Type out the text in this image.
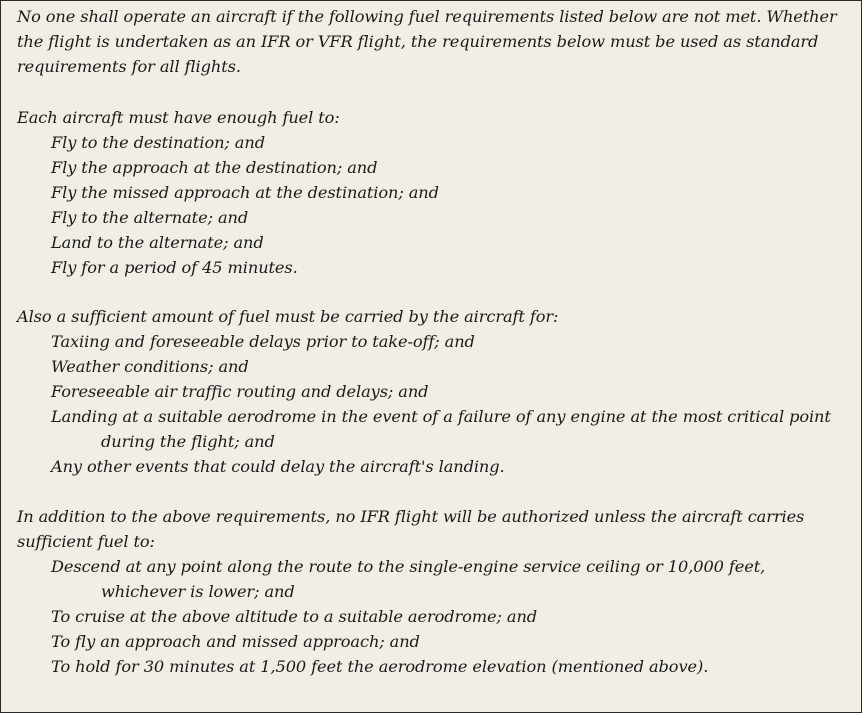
No one shall operate an aircraft if the following fuel requirements listed below are not met. Whether
the flight is undertaken as an IFR or VFR flight, the requirements below must be used as standard
requirements for all flights.
Each aircraft must have enough fuel to:
Fly to the destination; and
Fly the approach at the destination; and
Fly the missed approach at the destination; and
Fly to the alternate; and
Land to the alternate; and
Fly for a period of 45 minutes.
Also a sufficient amount of fuel must be carried by the aircraft for:
Taxiing and foreseeable delays prior to take-off; and
Weather conditions; and
Foreseeable air traffic routing and delays; and
Landing at a suitable aerodrome in the event of a failure of any engine at the most critical point
during the flight; and
Any other events that could delay the aircraft's landing.
In addition to the above requirements, no IFR flight will be authorized unless the aircraft carries
sufficient fuel to:
Descend at any point along the route to the single-engine service ceiling or 10,000 feet,
whichever is lower; and
To cruise at the above altitude to a suitable aerodrome; and
To fly an approach and missed approach; and
To hold for 30 minutes at 1,500 feet the aerodrome elevation (mentioned above).
